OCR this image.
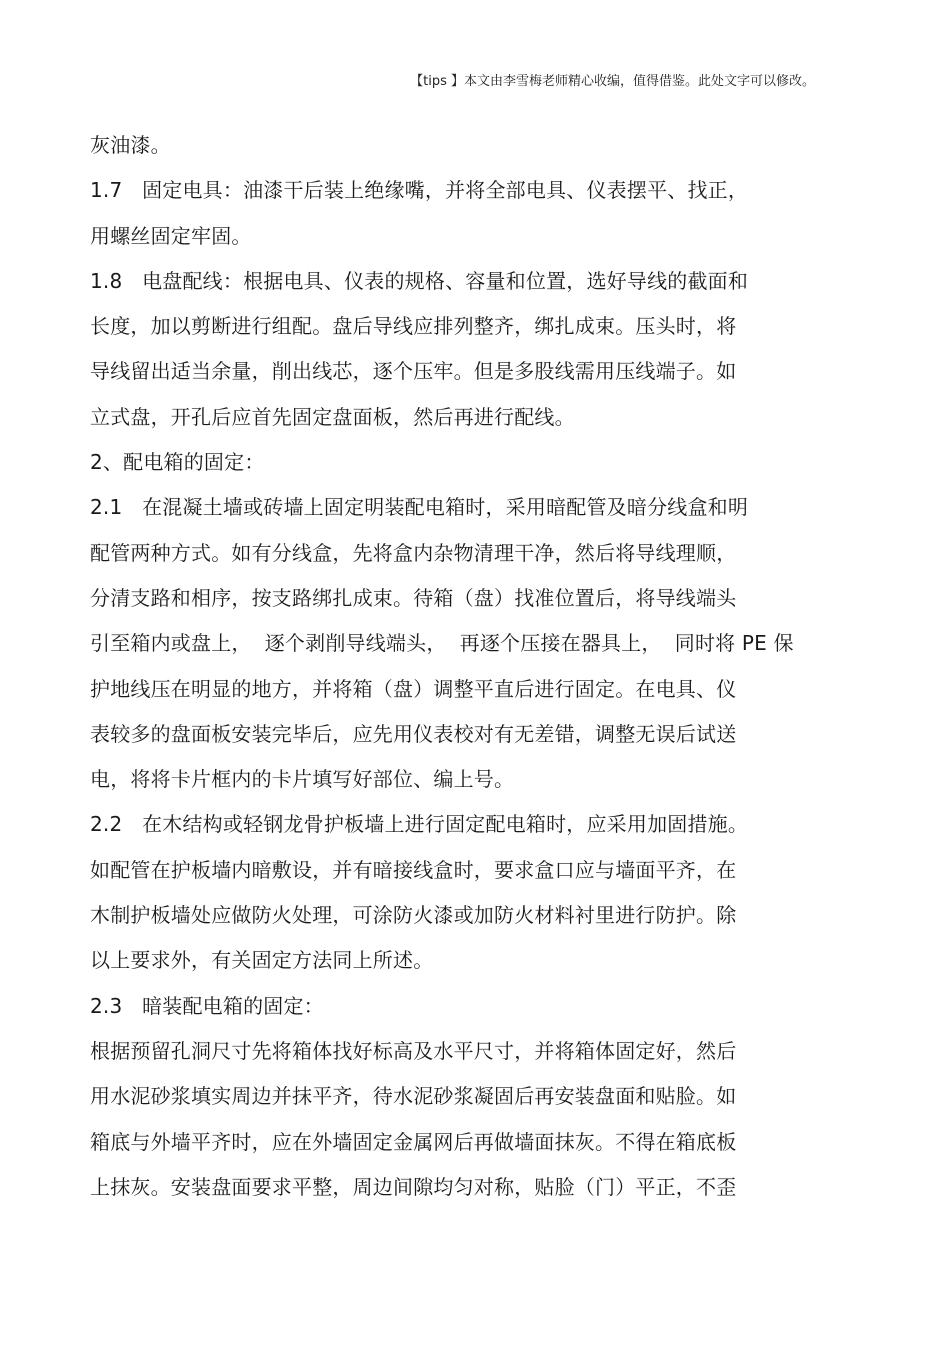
【tips 】本文由李雪梅老师精心收编，值得借鉴。此处文字可以修改。
灰油漆。
1.7   固定电具：油漆干后装上绝缘嘴，并将全部电具、仪表摆平、找正，
用螺丝固定牢固。
1.8   电盘配线：根据电具、仪表的规格、容量和位置，选好导线的截面和
长度，加以剪断进行组配。盘后导线应排列整齐，绑扎成束。压头时，将
导线留出适当余量，削出线芯，逐个压牢。但是多股线需用压线端子。如
立式盘，开孔后应首先固定盘面板，然后再进行配线。
2、配电箱的固定：
2.1   在混凝土墙或砖墙上固定明装配电箱时，采用暗配管及暗分线盒和明
配管两种方式。如有分线盒，先将盒内杂物清理干净，然后将导线理顺，
分清支路和相序，按支路绑扎成束。待箱（盘）找准位置后，将导线端头
引至箱内或盘上，  逐个剥削导线端头，  再逐个压接在器具上，  同时将 PE 保
护地线压在明显的地方，并将箱（盘）调整平直后进行固定。在电具、仪
表较多的盘面板安装完毕后，应先用仪表校对有无差错，调整无误后试送
电，将将卡片框内的卡片填写好部位、编上号。
2.2   在木结构或轻钢龙骨护板墙上进行固定配电箱时，应采用加固措施。
如配管在护板墙内暗敷设，并有暗接线盒时，要求盒口应与墙面平齐，在
木制护板墙处应做防火处理，可涂防火漆或加防火材料衬里进行防护。除
以上要求外，有关固定方法同上所述。
2.3   暗装配电箱的固定：
根据预留孔洞尺寸先将箱体找好标高及水平尺寸，并将箱体固定好，然后
用水泥砂浆填实周边并抹平齐，待水泥砂浆凝固后再安装盘面和贴脸。如
箱底与外墙平齐时，应在外墙固定金属网后再做墙面抹灰。不得在箱底板
上抹灰。安装盘面要求平整，周边间隙均匀对称，贴脸（门）平正，不歪
